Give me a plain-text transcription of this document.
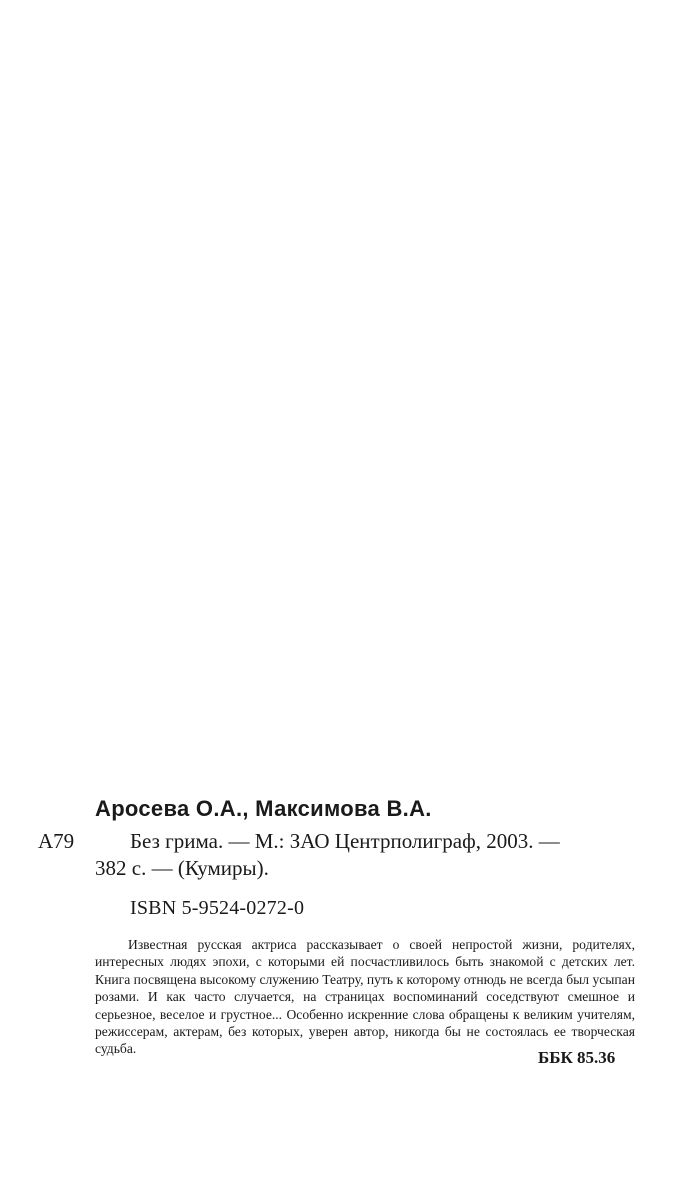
Аросева О.А., Максимова В.А.

А79	Без грима. — М.: ЗАО Центрполиграф, 2003. —
382 с. — (Кумиры).
ISBN 5-9524-0272-0

Известная русская актриса рассказывает о своей непростой жизни, родителях, интересных людях эпохи, с которыми ей посчастливилось быть знакомой с детских лет. Книга посвящена высокому служению Театру, путь к которому отнюдь не всегда был усыпан розами. И как часто случается, на страницах воспоминаний соседствуют смешное и серьезное, веселое и грустное... Особенно искренние слова обращены к великим учителям, режиссерам, актерам, без которых, уверен автор, никогда бы не состоялась ее творческая судьба.	ББК 85.36
